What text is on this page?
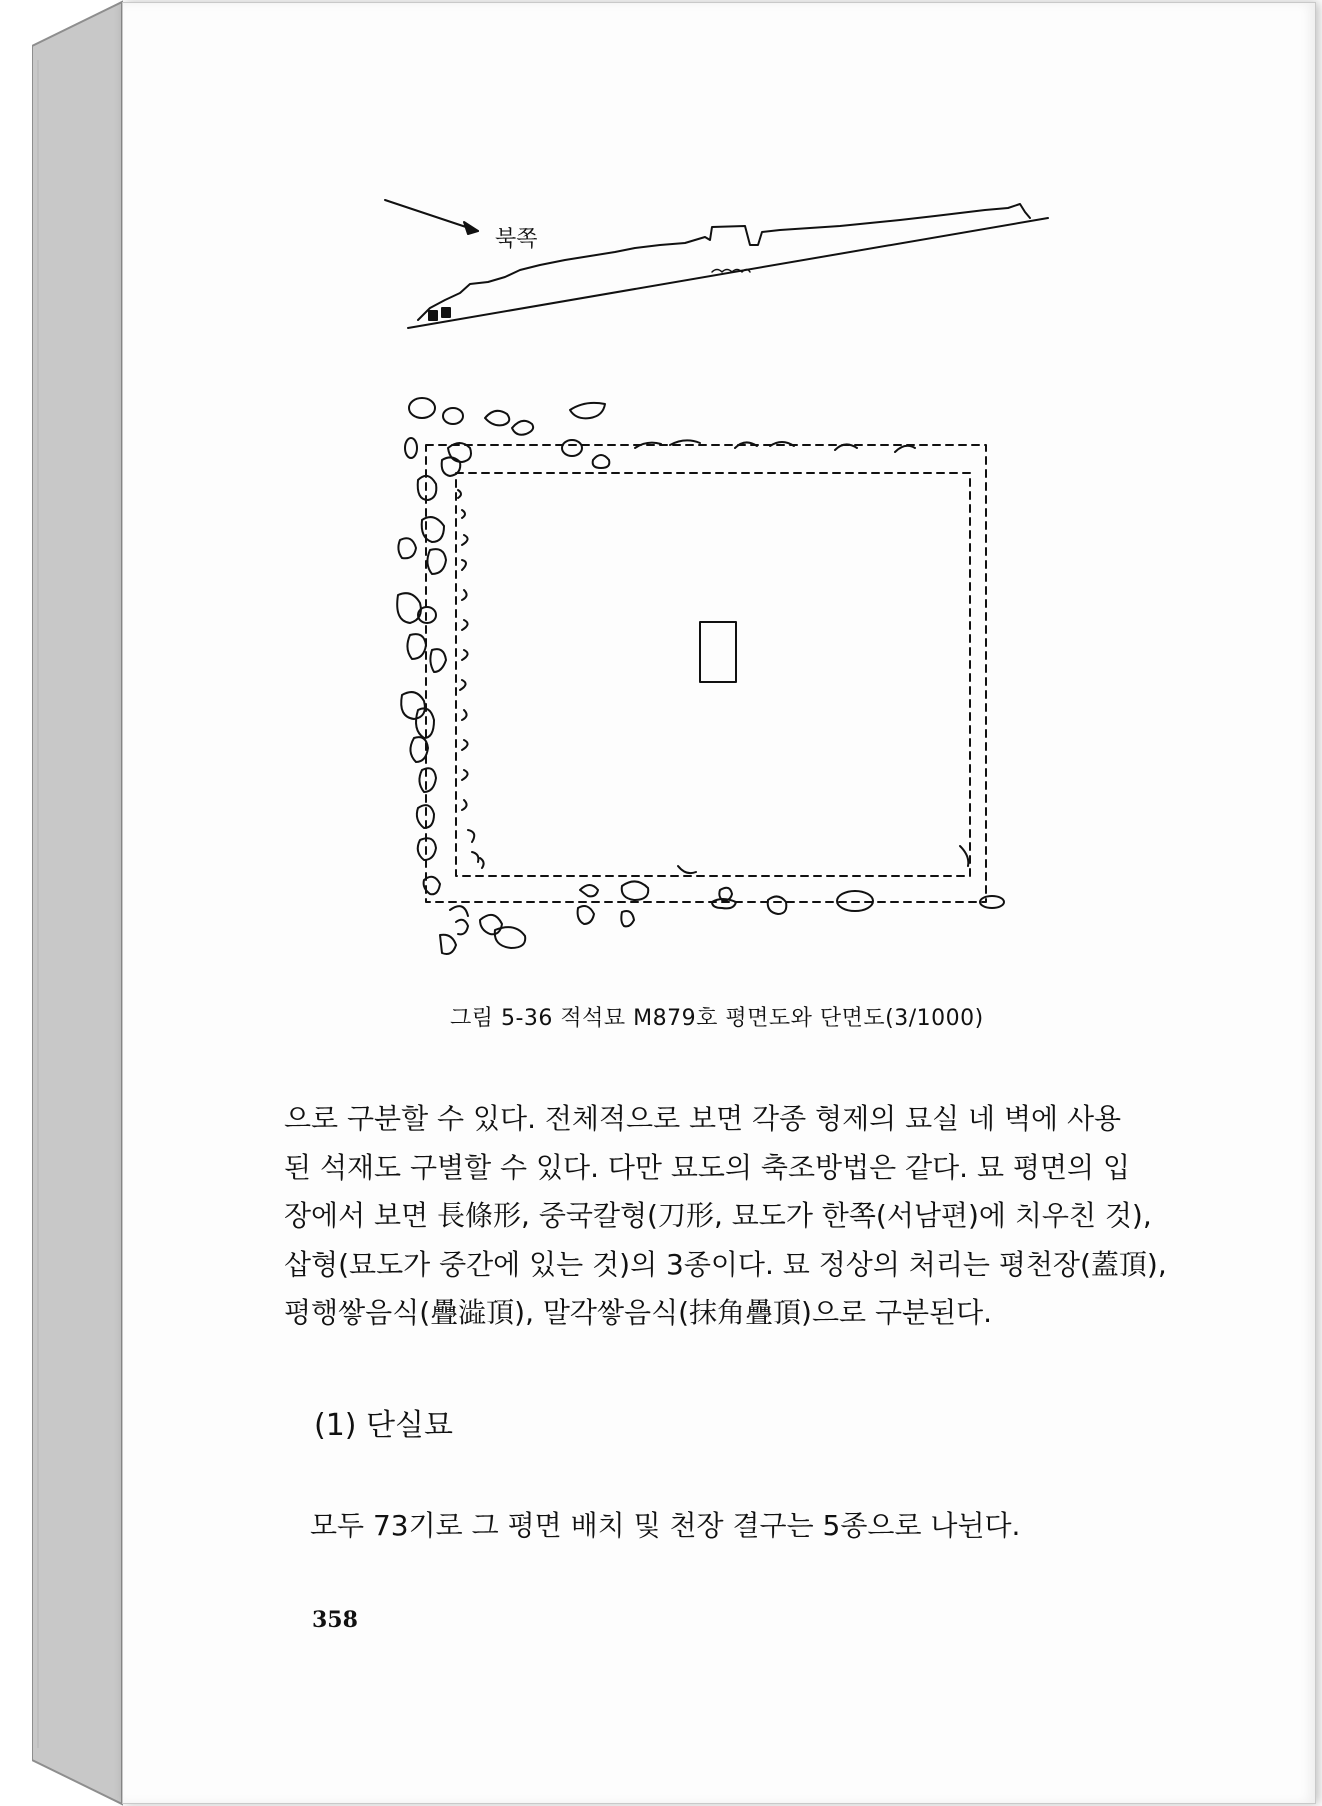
북쪽
그림 5-36 적석묘 M879호 평면도와 단면도(3/1000)
으로 구분할 수 있다. 전체적으로 보면 각종 형제의 묘실 네 벽에 사용
된 석재도 구별할 수 있다. 다만 묘도의 축조방법은 같다. 묘 평면의 입
장에서 보면 長條形, 중국칼형(刀形, 묘도가 한쪽(서남편)에 치우친 것),
삽형(묘도가 중간에 있는 것)의 3종이다. 묘 정상의 처리는 평천장(蓋頂),
평행쌓음식(疊澁頂), 말각쌓음식(抹角疊頂)으로 구분된다.
(1) 단실묘
모두 73기로 그 평면 배치 및 천장 결구는 5종으로 나뉜다.
358
